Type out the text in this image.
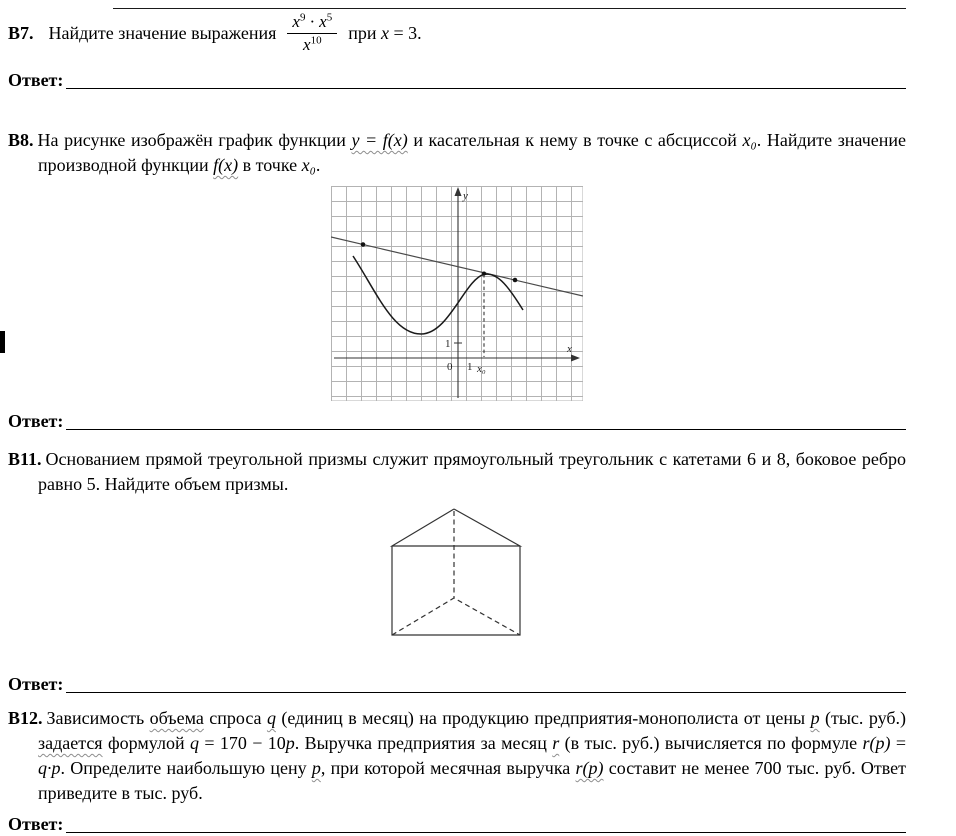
В7. Найдите значение выражения $\frac{x^9 \cdot x^5}{x^{10}}$ при x = 3.
Ответ:

В8. На рисунке изображён график функции y = f(x) и касательная к нему в точке с абсциссой x₀. Найдите значение производной функции f(x) в точке x₀.

y
x
1
0 1 x₀
Ответ:

В11. Основанием прямой треугольной призмы служит прямоугольный треугольник с катетами 6 и 8, боковое ребро равно 5. Найдите объем призмы.

Ответ:

В12. Зависимость объема спроса q (единиц в месяц) на продукцию предприятия-монополиста от цены p (тыс. руб.) задается формулой q = 170 − 10p. Выручка предприятия за месяц r (в тыс. руб.) вычисляется по формуле r(p) = q·p. Определите наибольшую цену p, при которой месячная выручка r(p) составит не менее 700 тыс. руб. Ответ приведите в тыс. руб.

Ответ:
